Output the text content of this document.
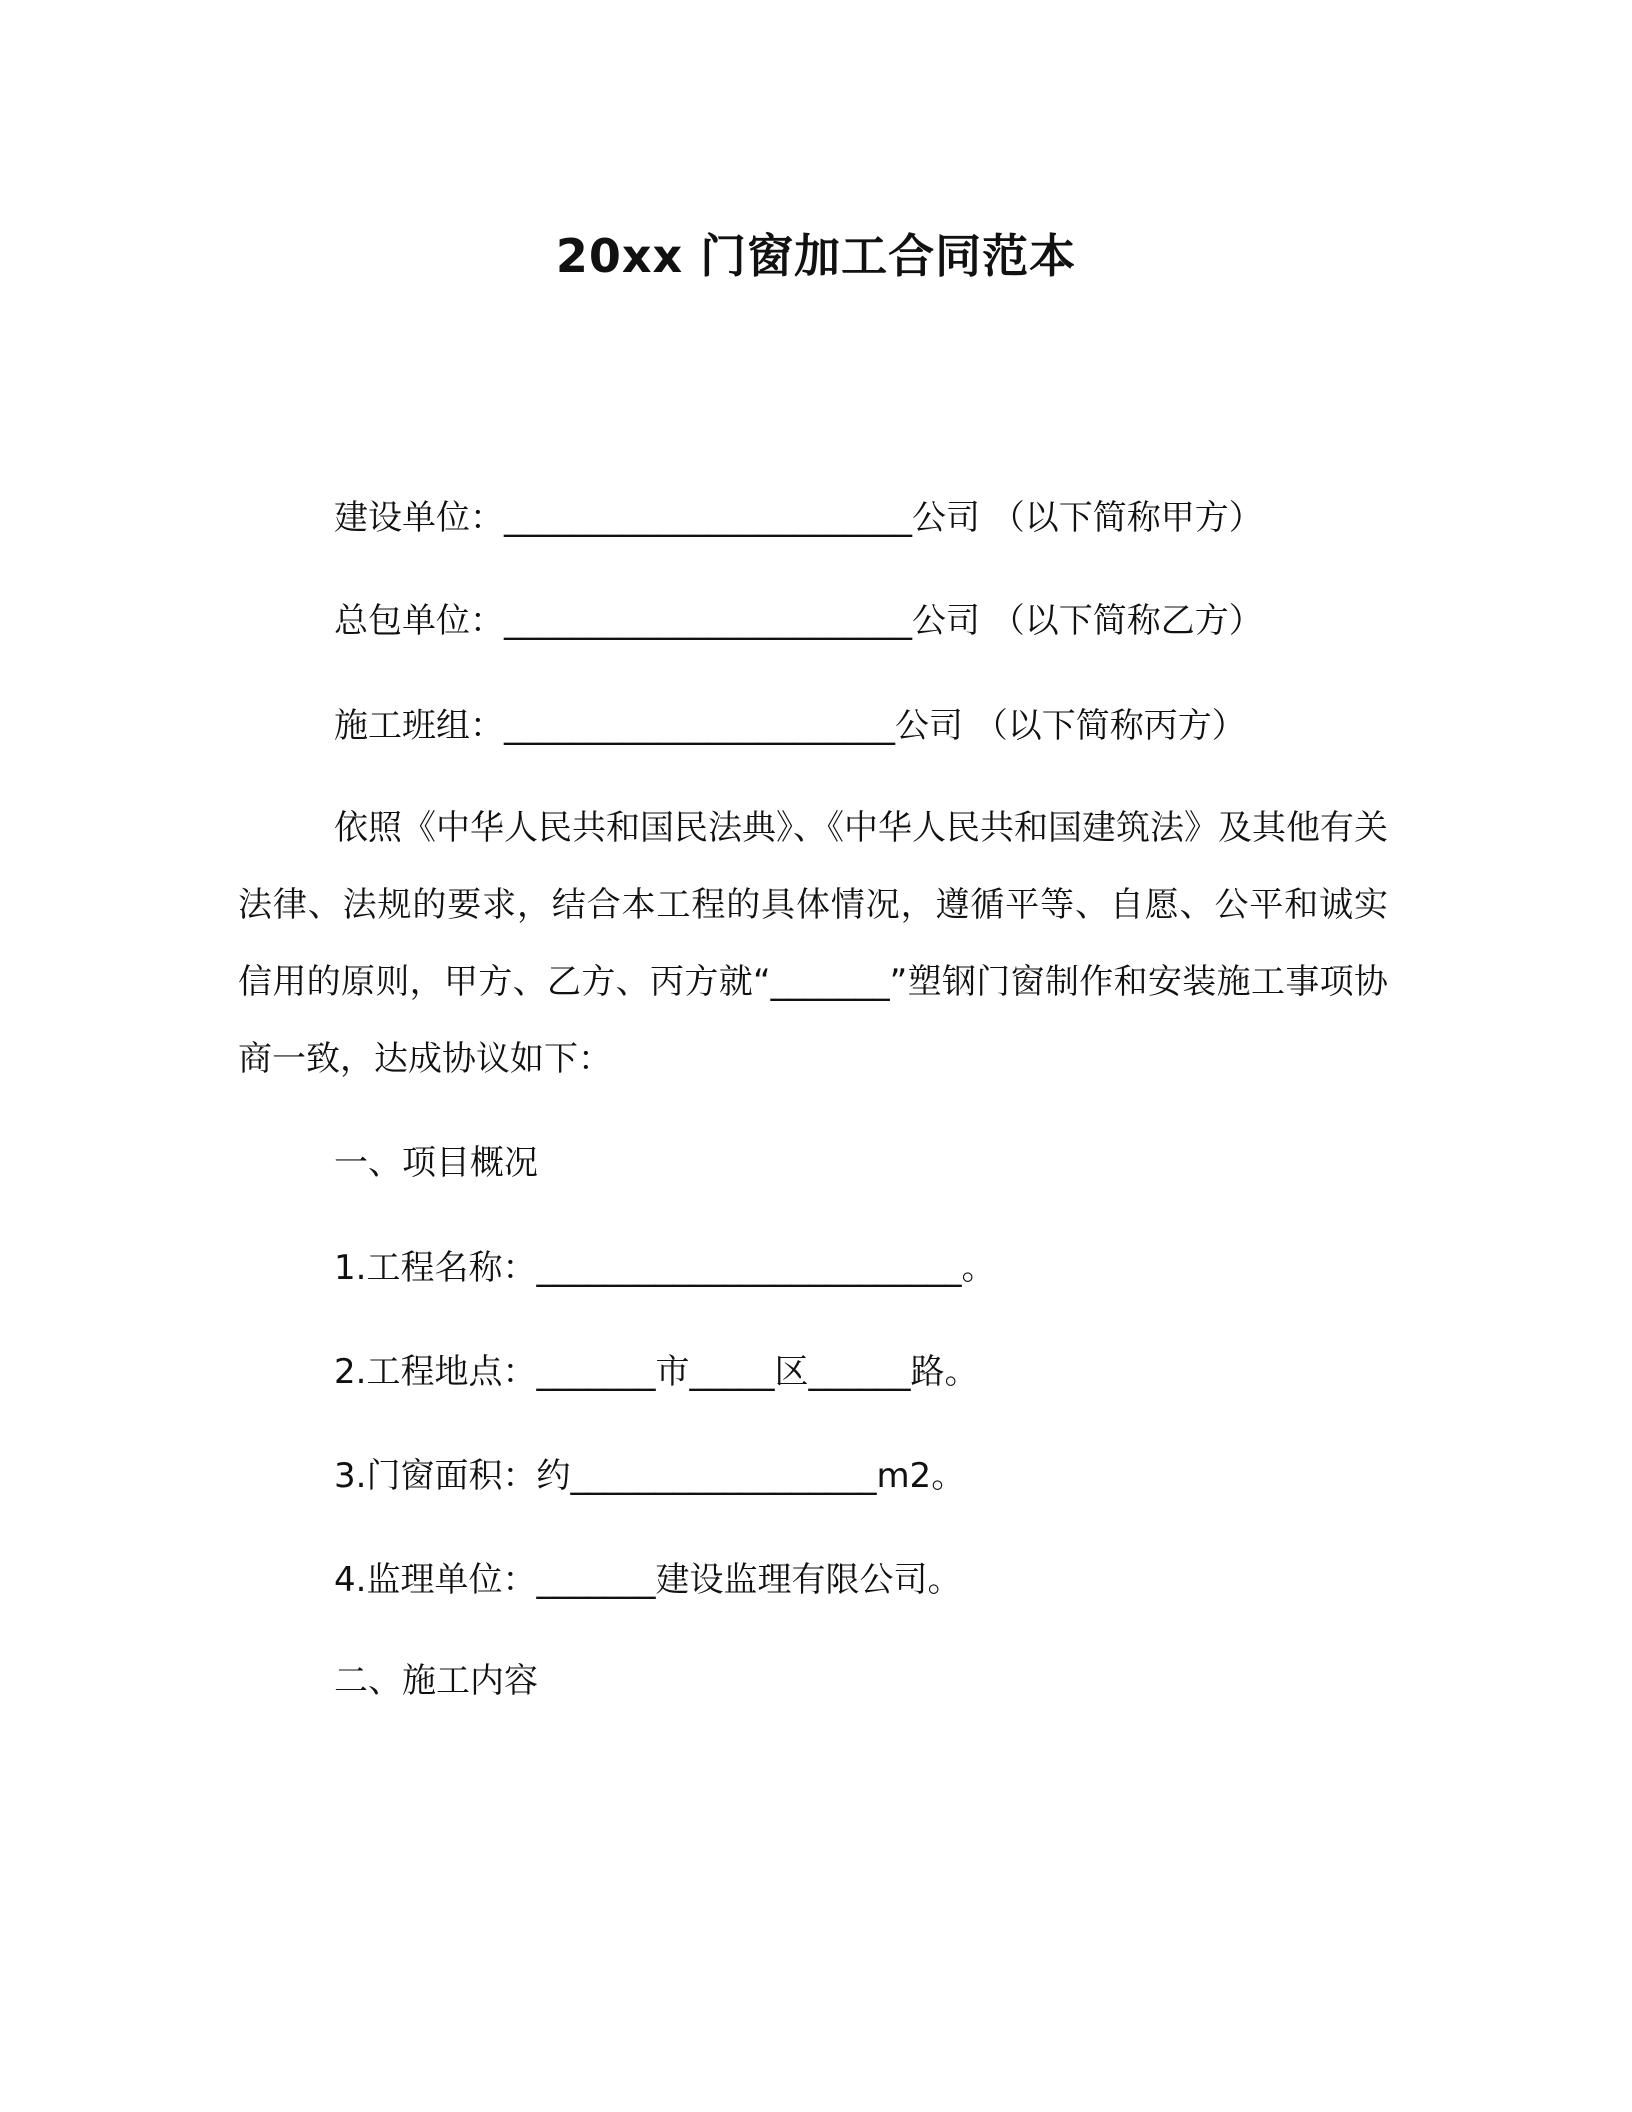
20xx 门窗加工合同范本
建设单位：________________________公司 （以下简称甲方）
总包单位：________________________公司 （以下简称乙方）
施工班组：_______________________公司 （以下简称丙方）
依照《中华人民共和国民法典》、《中华人民共和国建筑法》及其他有关法律、法规的要求，结合本工程的具体情况，遵循平等、自愿、公平和诚实信用的原则，甲方、乙方、丙方就“_______”塑钢门窗制作和安装施工事项协商一致，达成协议如下：
一、项目概况
1.工程名称：_________________________。
2.工程地点：_______市_____区______路。
3.门窗面积：约__________________m2。
4.监理单位：_______建设监理有限公司。
二、施工内容
